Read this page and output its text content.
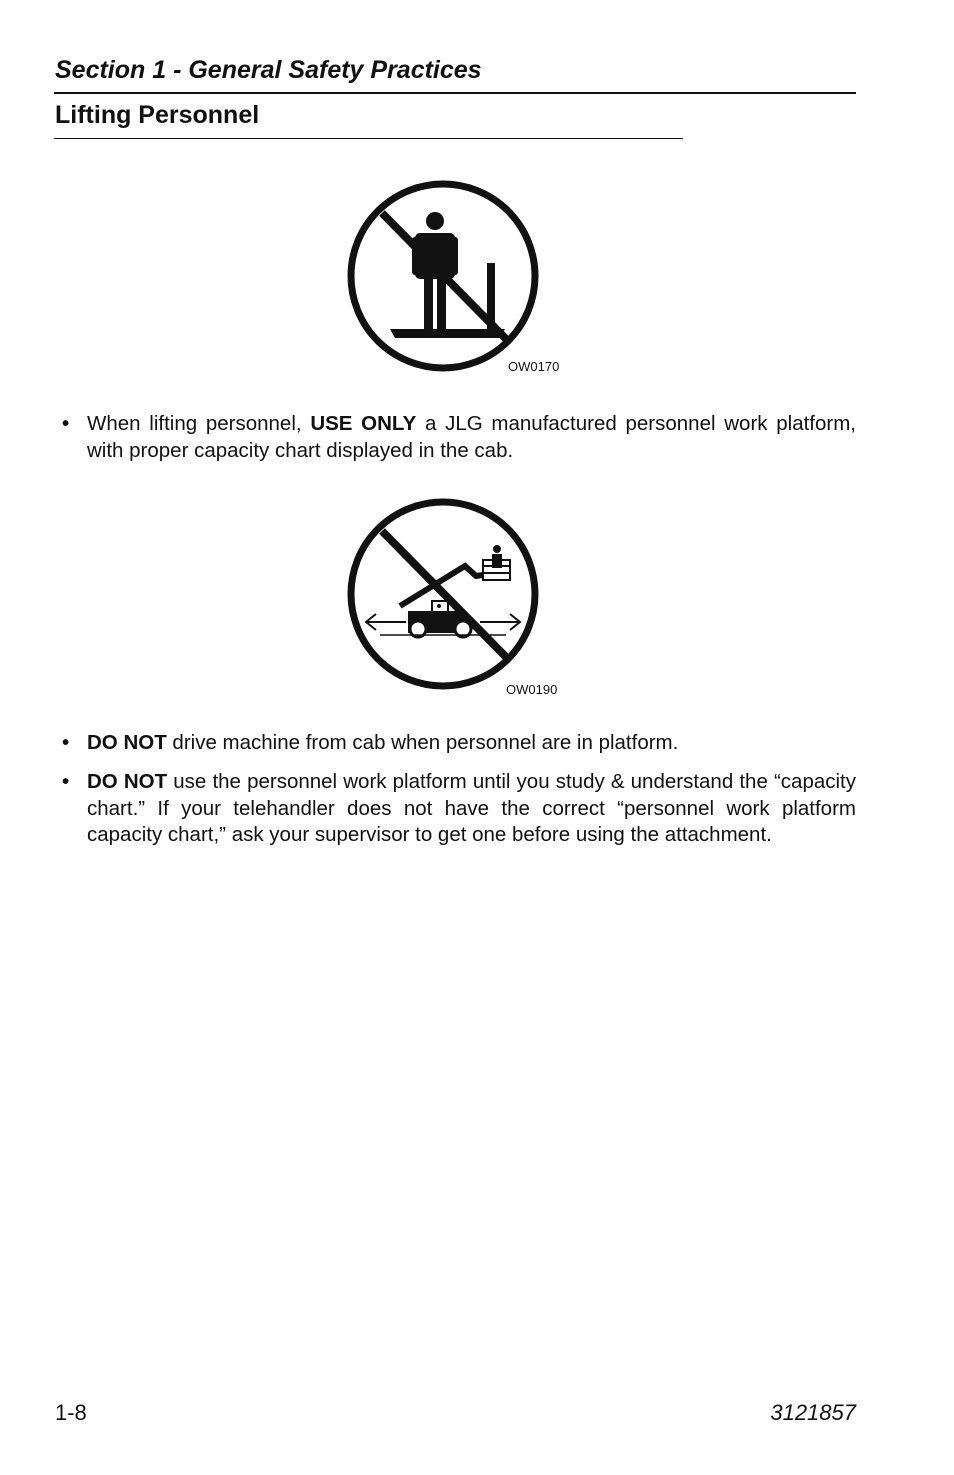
Section 1 - General Safety Practices
Lifting Personnel
OW0170
• When lifting personnel, USE ONLY a JLG manufactured personnel work platform, with proper capacity chart displayed in the cab.
OW0190
• DO NOT drive machine from cab when personnel are in platform.
• DO NOT use the personnel work platform until you study & understand the “capacity chart.” If your telehandler does not have the correct “personnel work platform capacity chart,” ask your supervisor to get one before using the attachment.
1-8	3121857
